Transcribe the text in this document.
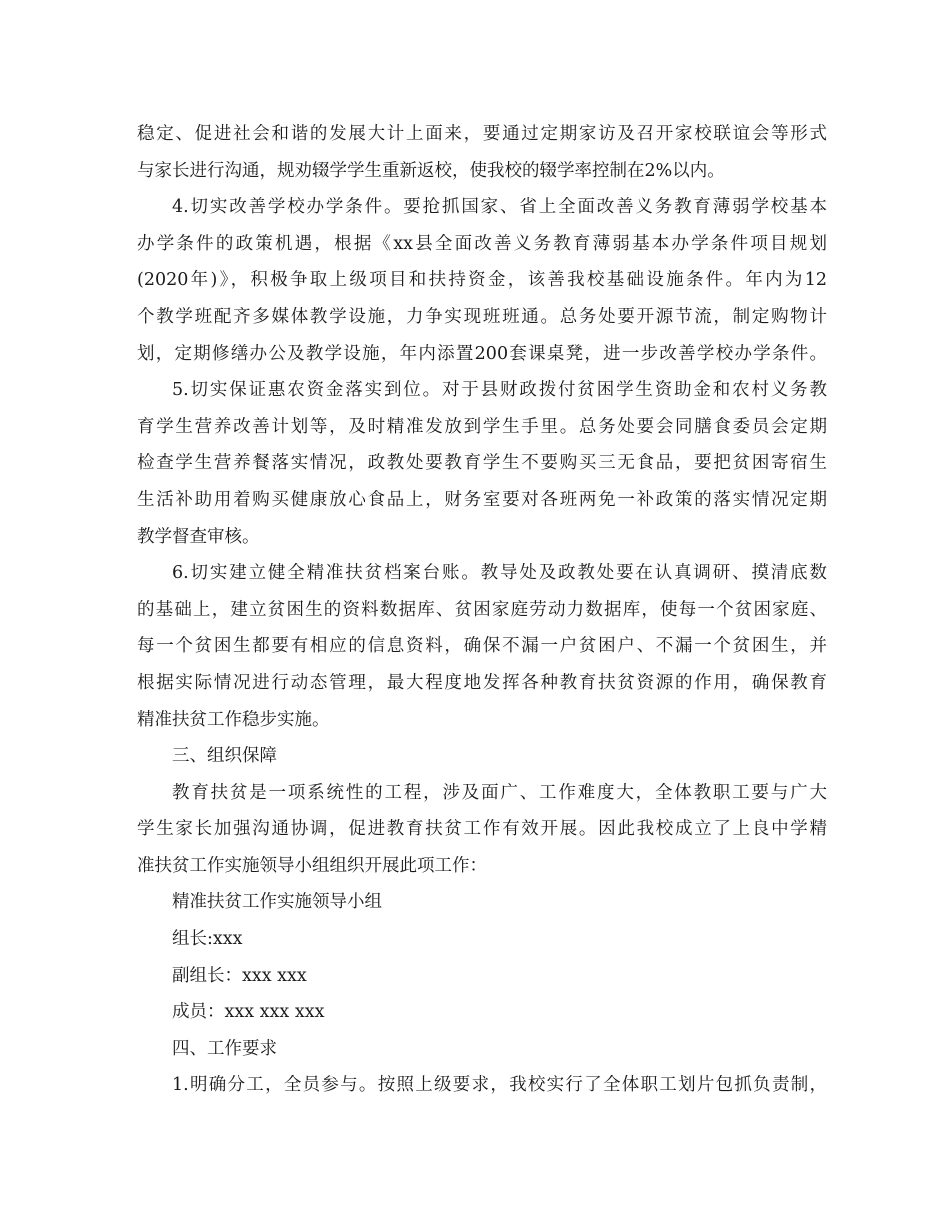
稳定、促进社会和谐的发展大计上面来，要通过定期家访及召开家校联谊会等形式
与家长进行沟通，规劝辍学学生重新返校，使我校的辍学率控制在2%以内。
4.切实改善学校办学条件。要抢抓国家、省上全面改善义务教育薄弱学校基本
办学条件的政策机遇，根据《xx县全面改善义务教育薄弱基本办学条件项目规划
(2020年)》，积极争取上级项目和扶持资金，该善我校基础设施条件。年内为12
个教学班配齐多媒体教学设施，力争实现班班通。总务处要开源节流，制定购物计
划，定期修缮办公及教学设施，年内添置200套课桌凳，进一步改善学校办学条件。
5.切实保证惠农资金落实到位。对于县财政拨付贫困学生资助金和农村义务教
育学生营养改善计划等，及时精准发放到学生手里。总务处要会同膳食委员会定期
检查学生营养餐落实情况，政教处要教育学生不要购买三无食品，要把贫困寄宿生
生活补助用着购买健康放心食品上，财务室要对各班两免一补政策的落实情况定期
教学督查审核。
6.切实建立健全精准扶贫档案台账。教导处及政教处要在认真调研、摸清底数
的基础上，建立贫困生的资料数据库、贫困家庭劳动力数据库，使每一个贫困家庭、
每一个贫困生都要有相应的信息资料，确保不漏一户贫困户、不漏一个贫困生，并
根据实际情况进行动态管理，最大程度地发挥各种教育扶贫资源的作用，确保教育
精准扶贫工作稳步实施。
三、组织保障
教育扶贫是一项系统性的工程，涉及面广、工作难度大，全体教职工要与广大
学生家长加强沟通协调，促进教育扶贫工作有效开展。因此我校成立了上良中学精
准扶贫工作实施领导小组组织开展此项工作：
精准扶贫工作实施领导小组
组长:xxx
副组长：xxx xxx
成员：xxx xxx xxx
四、工作要求
1.明确分工，全员参与。按照上级要求，我校实行了全体职工划片包抓负责制，
